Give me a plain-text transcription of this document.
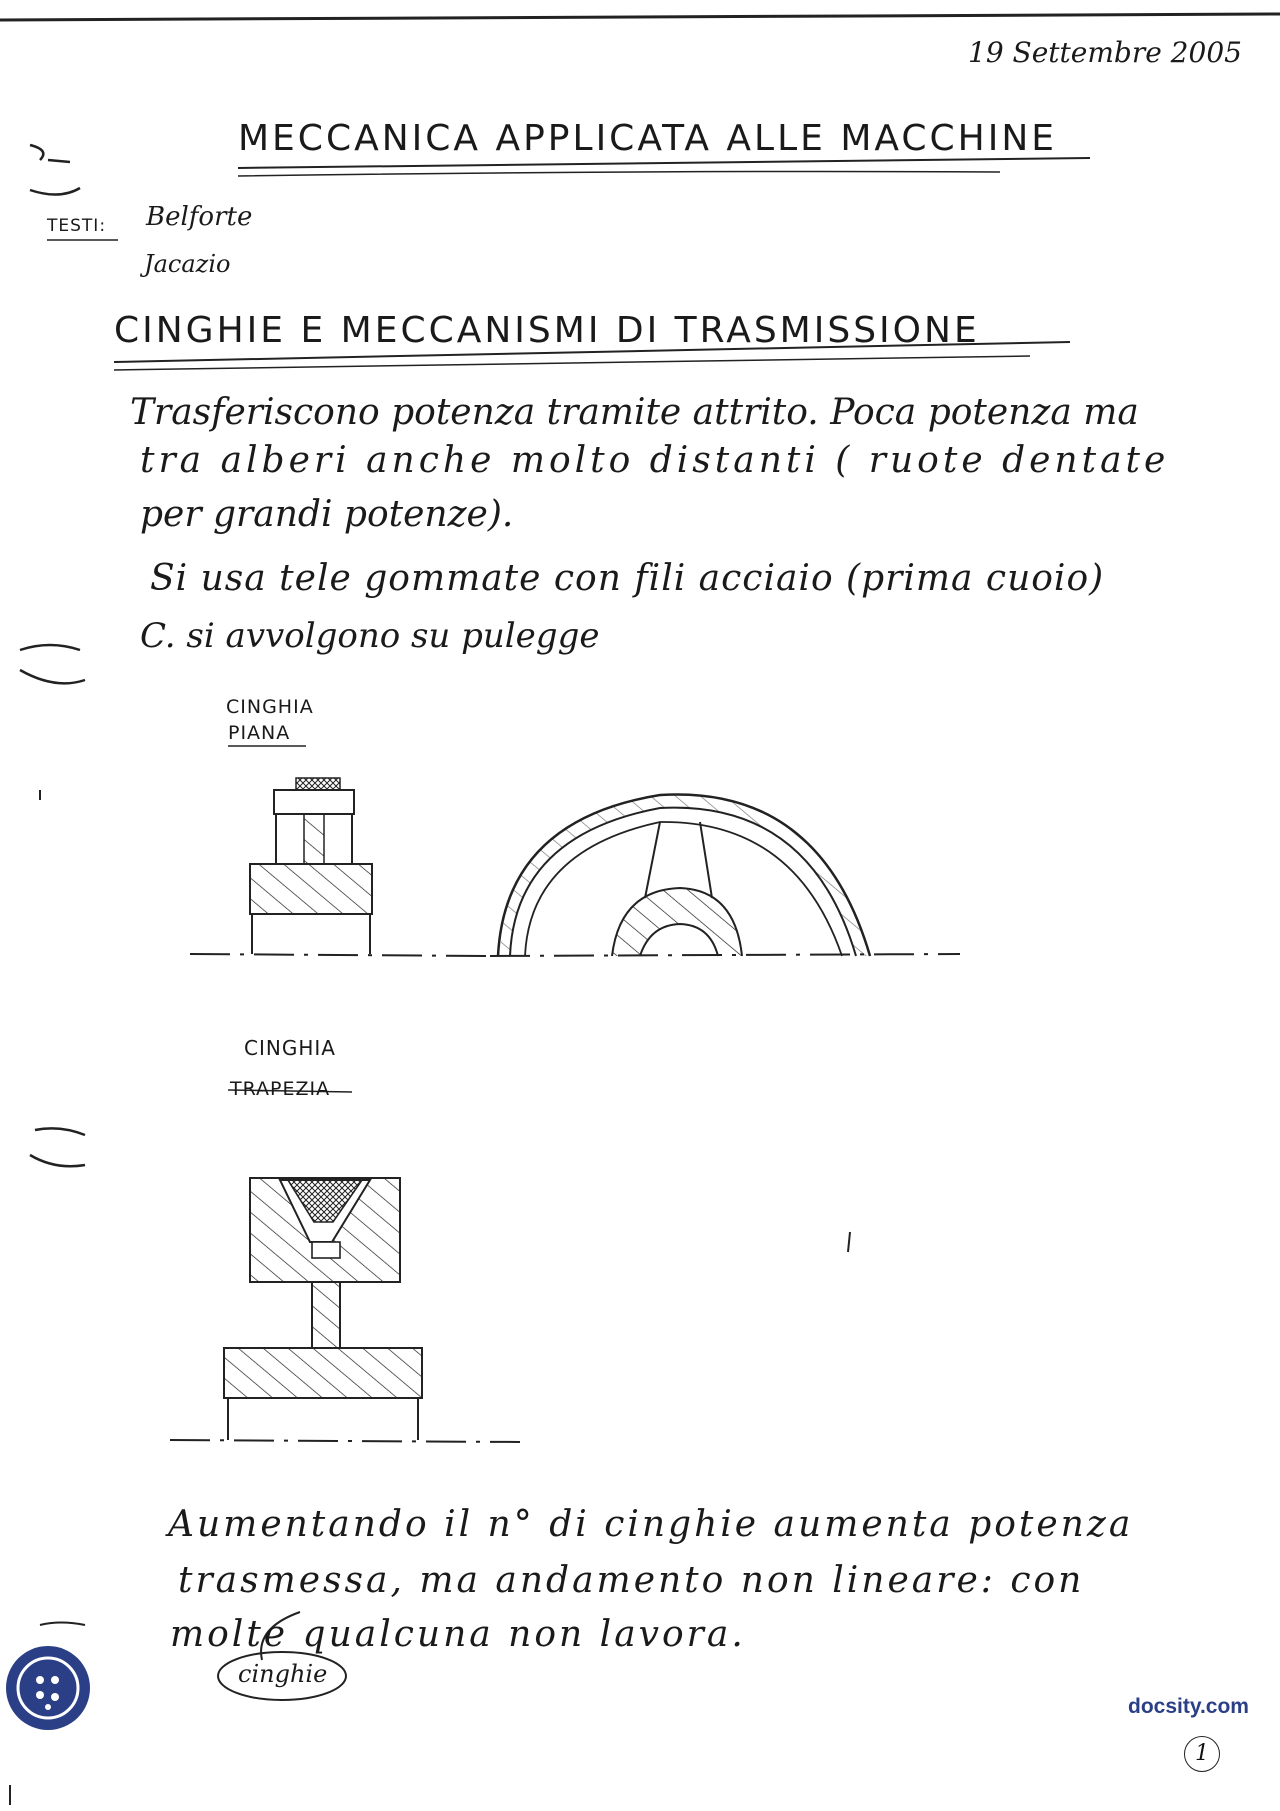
19 Settembre 2005
MECCANICA APPLICATA ALLE MACCHINE
TESTI: Belforte
Jacazio
CINGHIE E MECCANISMI DI TRASMISSIONE
Trasferiscono potenza tramite attrito. Poca potenza ma
tra alberi anche molto distanti ( ruote dentate
per grandi potenze).
Si usa tele gommate con fili acciaio (prima cuoio)
C. si avvolgono su pulegge
CINGHIA
PIANA
CINGHIA
TRAPEZIA
Aumentando il n° di cinghie aumenta potenza
trasmessa, ma andamento non lineare: con
molte qualcuna non lavora.
cinghie
docsity.com
1
